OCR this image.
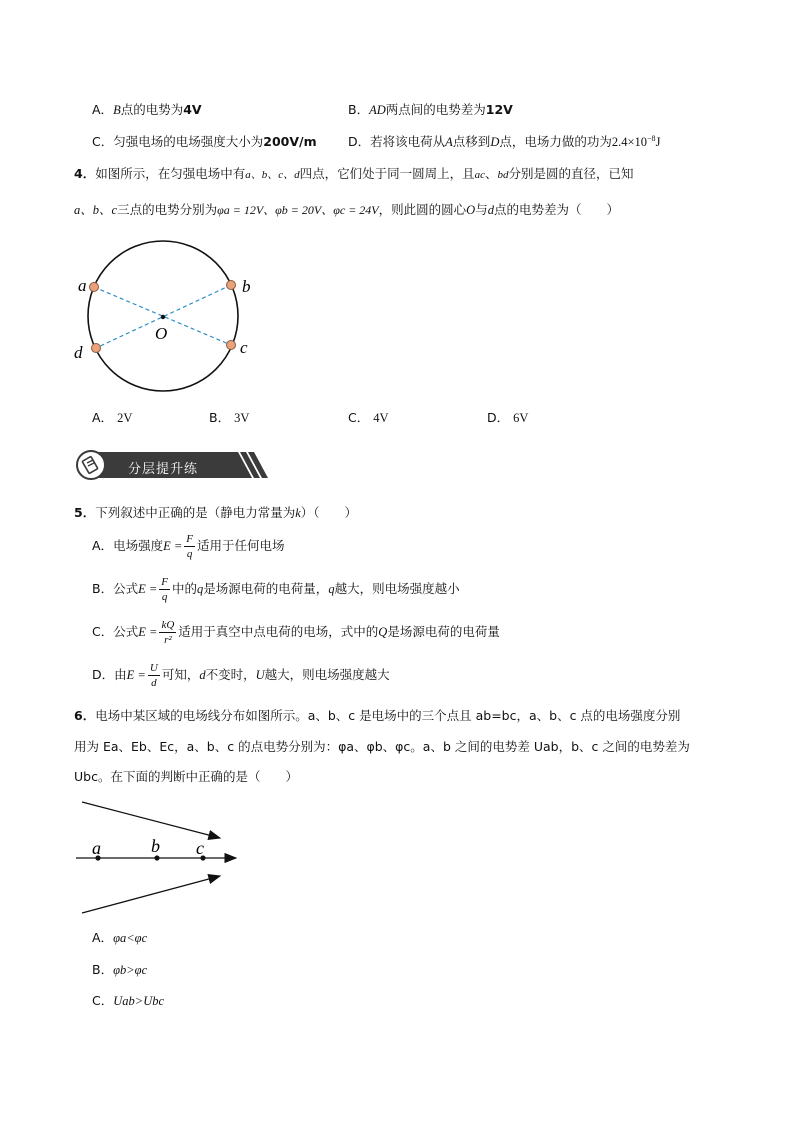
A．B点的电势为4V	B．AD两点间的电势差为12V
C．匀强电场的电场强度大小为200V/m	D．若将该电荷从A点移到D点，电场力做的功为$2.4\times 10^{-8}J$
4．如图所示，在匀强电场中有a、b、c、d四点，它们处于同一圆周上，且ac、bd分别是圆的直径，已知
a、b、c三点的电势分别为φa = 12V、φb = 20V、φc = 24V，则此圆的圆心O与d点的电势差为（　　）
a	b
c
d
O
A． 2V	B． 3V	C． 4V	D． 6V
分层提升练
5．下列叙述中正确的是（静电力常量为k）（　　）
A．电场强度$E = \frac{F}{q}$ 适用于任何电场
B．公式$E = \frac{F}{q}$ 中的q是场源电荷的电荷量，q越大，则电场强度越小
C．公式$E = \frac{kQ}{\text{r²}}$ 适用于真空中点电荷的电场，式中的Q是场源电荷的电荷量
D．由$E = \frac{U}{d}$ 可知，d不变时，U越大，则电场强度越大
6．电场中某区域的电场线分布如图所示。a、b、c 是电场中的三个点且 ab=bc，a、b、c 点的电场强度分别
用为 Ea、Eb、Ec，a、b、c 的点电势分别为：φa、φb、φc。a、b 之间的电势差 Uab，b、c 之间的电势差为
Ubc。在下面的判断中正确的是（　　）
a	b c
A．φa<φc
B．φb>φc
C．Uab>Ubc
